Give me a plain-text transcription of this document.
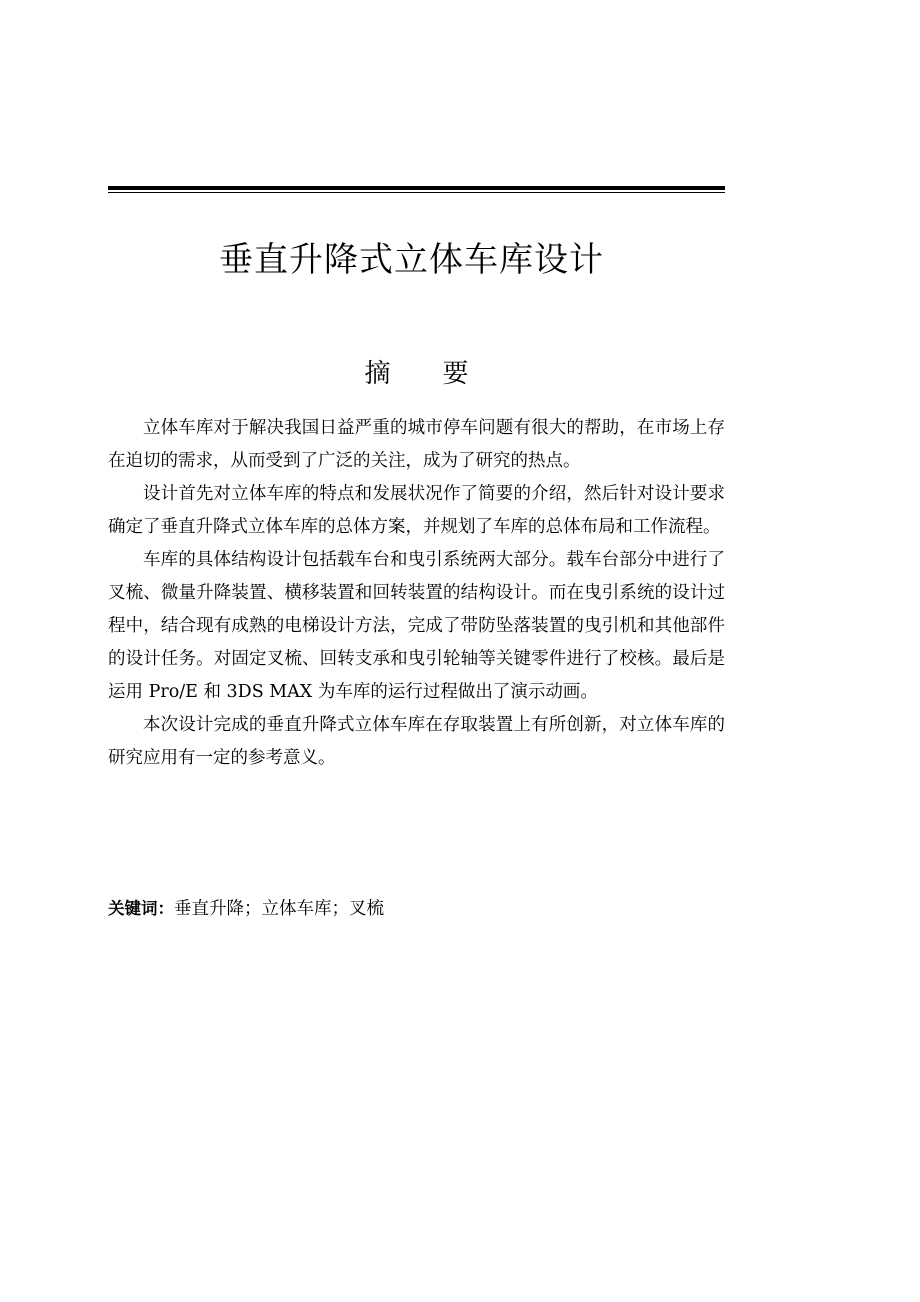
垂直升降式立体车库设计
摘 要

立体车库对于解决我国日益严重的城市停车问题有很大的帮助，在市场上存在迫切的需求，从而受到了广泛的关注，成为了研究的热点。

设计首先对立体车库的特点和发展状况作了简要的介绍，然后针对设计要求确定了垂直升降式立体车库的总体方案，并规划了车库的总体布局和工作流程。

车库的具体结构设计包括载车台和曳引系统两大部分。载车台部分中进行了叉梳、微量升降装置、横移装置和回转装置的结构设计。而在曳引系统的设计过程中，结合现有成熟的电梯设计方法，完成了带防坠落装置的曳引机和其他部件的设计任务。对固定叉梳、回转支承和曳引轮轴等关键零件进行了校核。最后是运用 Pro/E 和 3DS MAX 为车库的运行过程做出了演示动画。

本次设计完成的垂直升降式立体车库在存取装置上有所创新，对立体车库的研究应用有一定的参考意义。

关键词：垂直升降；立体车库；叉梳
